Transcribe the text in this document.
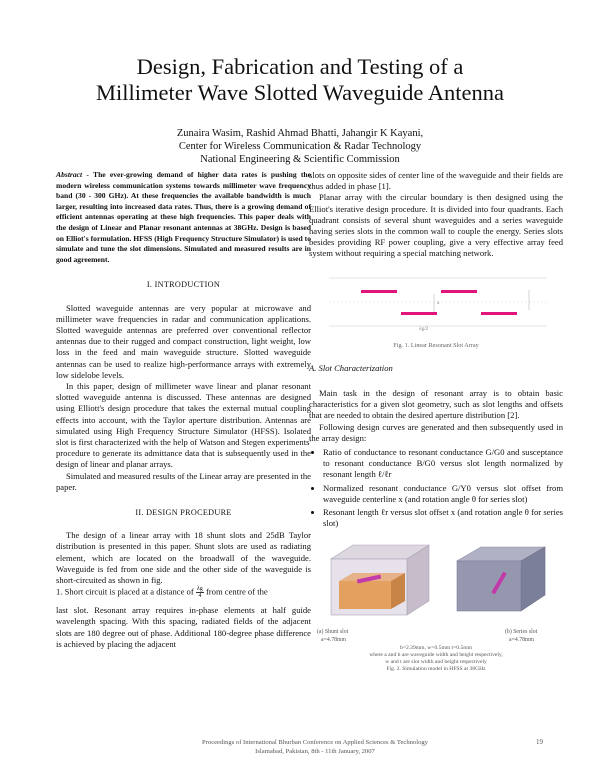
Design, Fabrication and Testing of a
Millimeter Wave Slotted Waveguide Antenna
Zunaira Wasim, Rashid Ahmad Bhatti, Jahangir K Kayani,
Center for Wireless Communication & Radar Technology
National Engineering & Scientific Commission

Abstract - The ever-growing demand of higher data rates is pushing the modern wireless communication systems towards millimeter wave frequency band (30 - 300 GHz). At these frequencies the available bandwidth is much larger, resulting into increased data rates. Thus, there is a growing demand of efficient antennas operating at these high frequencies. This paper deals with the design of Linear and Planar resonant antennas at 38GHz. Design is based on Elliot's formulation. HFSS (High Frequency Structure Simulator) is used to simulate and tune the slot dimensions. Simulated and measured results are in good agreement.

I. INTRODUCTION

Slotted waveguide antennas are very popular at microwave and millimeter wave frequencies in radar and communication applications. Slotted waveguide antennas are preferred over conventional reflector antennas due to their rugged and compact construction, light weight, low loss in the feed and main waveguide structure. Slotted waveguide antennas can be used to realize high-performance arrays with extremely low sidelobe levels.

In this paper, design of millimeter wave linear and planar resonant slotted waveguide antenna is discussed. These antennas are designed using Elliott's design procedure that takes the external mutual coupling effects into account, with the Taylor aperture distribution. Antennas are simulated using High Frequency Structure Simulator (HFSS). Isolated slot is first characterized with the help of Watson and Stegen experiments' procedure to generate its admittance data that is subsequently used in the design of linear and planar arrays.

Simulated and measured results of the Linear array are presented in the paper.

II. DESIGN PROCEDURE

The design of a linear array with 18 shunt slots and 25dB Taylor distribution is presented in this paper. Shunt slots are used as radiating element, which are located on the broadwall of the waveguide. Waveguide is fed from one side and the other side of the waveguide is short-circuited as shown in fig.

1. Short circuit is placed at a distance of $\frac{\lambda g}{4}$ from centre of the

last slot. Resonant array requires in-phase elements at half guide wavelength spacing. With this spacing, radiated fields of the adjacent slots are 180 degree out of phase. Additional 180-degree phase difference is achieved by placing the adjacent

slots on opposite sides of center line of the waveguide and their fields are thus added in phase [1].

Planar array with the circular boundary is then designed using the Elliot's iterative design procedure. It is divided into four quadrants. Each quadrant consists of several shunt waveguides and a series waveguide having series slots in the common wall to couple the energy. Series slots besides providing RF power coupling, give a very effective array feed system without requiring a special matching network.

λg/2
x
Fig. 1. Linear Resonant Slot Array
A. Slot Characterization

Main task in the design of resonant array is to obtain basic characteristics for a given slot geometry, such as slot lengths and offsets that are needed to obtain the desired aperture distribution [2].

Following design curves are generated and then subsequently used in the array design:

• Ratio of conductance to resonant conductance G/G0 and susceptance to resonant conductance B/G0 versus slot length normalized by resonant length ℓ/ℓr
• Normalized resonant conductance G/Y0 versus slot offset from waveguide centerline x (and rotation angle θ for series slot)
• Resonant length ℓr versus slot offset x (and rotation angle θ for series slot)
(a) Shunt slot
a=4.78mm
(b) Series slot
a=4.78mm

b=2.39mm, w=0.5mm t=0.5mm

where a and b are waveguide width and height respectively,

w and t are slot width and height respectively

Fig. 2. Simulation model in HFSS at 38GHz

Proceedings of International Bhurban Conference on Applied Sciences & Technology
Islamabad, Pakistan, 8th - 11th January, 2007
19
